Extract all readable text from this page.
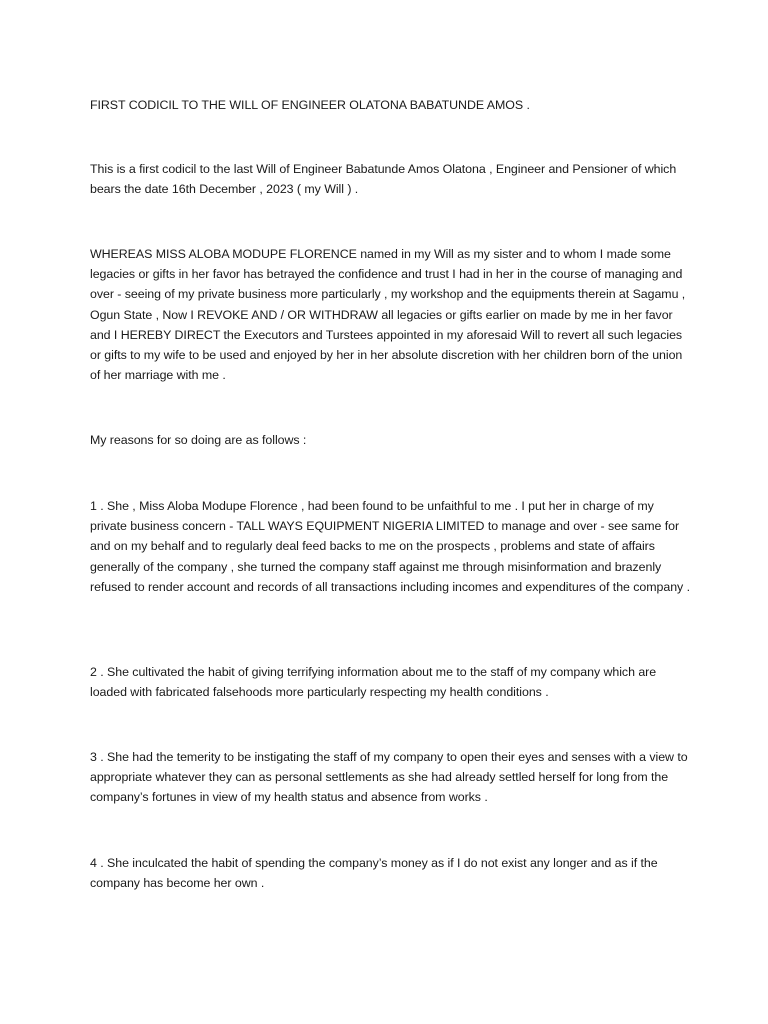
FIRST CODICIL TO THE WILL OF ENGINEER OLATONA BABATUNDE AMOS .

This is a first codicil to the last Will of Engineer Babatunde Amos Olatona , Engineer and Pensioner of which bears the date 16th December , 2023 ( my Will ) .

WHEREAS MISS ALOBA MODUPE FLORENCE named in my Will as my sister and to whom I made some legacies or gifts in her favor has betrayed the confidence and trust I had in her in the course of managing and over - seeing of my private business more particularly , my workshop and the equipments therein at Sagamu , Ogun State , Now I REVOKE AND / OR WITHDRAW all legacies or gifts earlier on made by me in her favor and I HEREBY DIRECT the Executors and Turstees appointed in my aforesaid Will to revert all such legacies or gifts to my wife to be used and enjoyed by her in her absolute discretion with her children born of the union of her marriage with me .

My reasons for so doing are as follows :

1 . She , Miss Aloba Modupe Florence , had been found to be unfaithful to me . I put her in charge of my private business concern - TALL WAYS EQUIPMENT NIGERIA LIMITED to manage and over - see same for and on my behalf and to regularly deal feed backs to me on the prospects , problems and state of affairs generally of the company , she turned the company staff against me through misinformation and brazenly refused to render account and records of all transactions including incomes and expenditures of the company .

2 . She cultivated the habit of giving terrifying information about me to the staff of my company which are loaded with fabricated falsehoods more particularly respecting my health conditions .

3 . She had the temerity to be instigating the staff of my company to open their eyes and senses with a view to appropriate whatever they can as personal settlements as she had already settled herself for long from the company’s fortunes in view of my health status and absence from works .

4 . She inculcated the habit of spending the company’s money as if I do not exist any longer and as if the company has become her own .
